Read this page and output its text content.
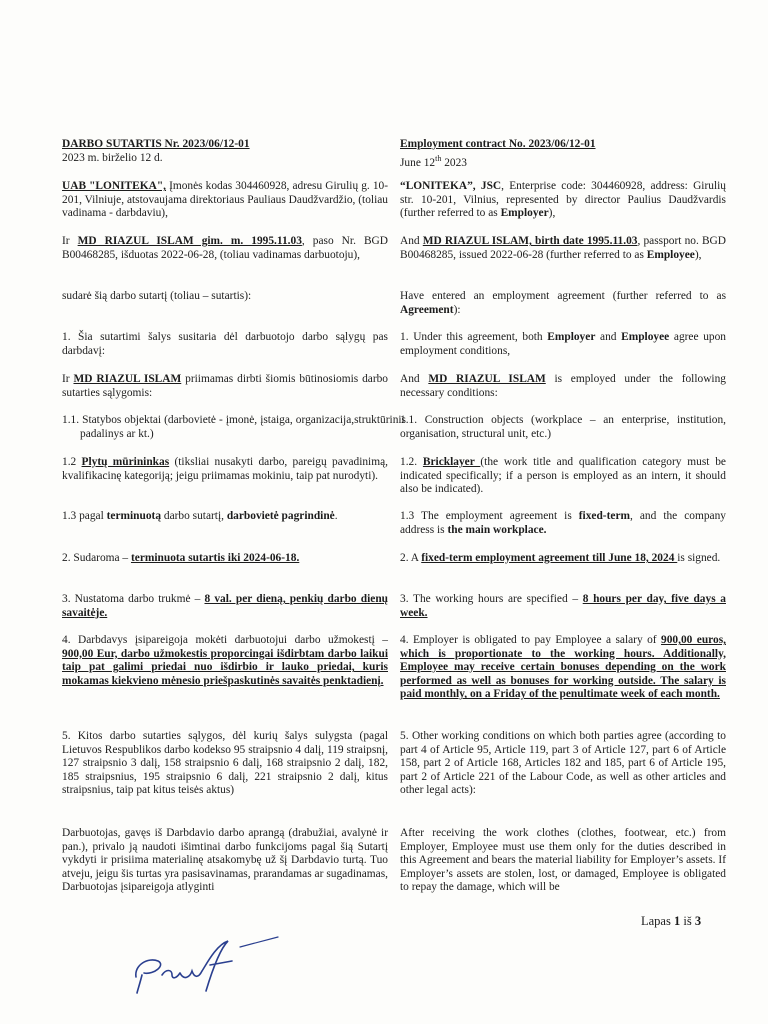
DARBO SUTARTIS Nr. 2023/06/12-01
2023 m. birželio 12 d.
UAB "LONITEKA", Įmonės kodas 304460928, adresu Girulių g. 10-201, Vilniuje, atstovaujama direktoriaus Pauliaus Daudžvardžio, (toliau vadinama - darbdaviu),
Ir MD RIAZUL ISLAM gim. m. 1995.11.03, paso Nr. BGD B00468285, išduotas 2022-06-28, (toliau vadinamas darbuotoju),
sudarė šią darbo sutartį (toliau – sutartis):
1. Šia sutartimi šalys susitaria dėl darbuotojo darbo sąlygų pas darbdavį:
Ir MD RIAZUL ISLAM priimamas dirbti šiomis būtinosiomis darbo sutarties sąlygomis:
1.1. Statybos objektai (darbovietė - įmonė, įstaiga, organizacija,struktūrinis padalinys ar kt.)
1.2 Plytų mūrininkas (tiksliai nusakyti darbo, pareigų pavadinimą, kvalifikacinę kategoriją; jeigu priimamas mokiniu, taip pat nurodyti).
1.3 pagal terminuotą darbo sutartį, darbovietė pagrindinė.
2. Sudaroma – terminuota sutartis iki 2024-06-18.
3. Nustatoma darbo trukmė – 8 val. per dieną, penkių darbo dienų savaitėje.
4. Darbdavys įsipareigoja mokėti darbuotojui darbo užmokestį – 900,00 Eur, darbo užmokestis proporcingai išdirbtam darbo laikui taip pat galimi priedai nuo išdirbio ir lauko priedai, kuris mokamas kiekvieno mėnesio priešpaskutinės savaitės penktadienį.
5. Kitos darbo sutarties sąlygos, dėl kurių šalys sulygsta (pagal Lietuvos Respublikos darbo kodekso 95 straipsnio 4 dalį, 119 straipsnį, 127 straipsnio 3 dalį, 158 straipsnio 6 dalį, 168 straipsnio 2 dalį, 182, 185 straipsnius, 195 straipsnio 6 dalį, 221 straipsnio 2 dalį, kitus straipsnius, taip pat kitus teisės aktus)
Darbuotojas, gavęs iš Darbdavio darbo aprangą (drabužiai, avalynė ir pan.), privalo ją naudoti išimtinai darbo funkcijoms pagal šią Sutartį vykdyti ir prisiima materialinę atsakomybę už šį Darbdavio turtą. Tuo atveju, jeigu šis turtas yra pasisavinamas, prarandamas ar sugadinamas, Darbuotojas įsipareigoja atlyginti
Employment contract No. 2023/06/12-01
June 12th 2023
“LONITEKA”, JSC, Enterprise code: 304460928, address: Girulių str. 10-201, Vilnius, represented by director Paulius Daudžvardis (further referred to as Employer),
And MD RIAZUL ISLAM, birth date 1995.11.03, passport no. BGD B00468285, issued 2022-06-28 (further referred to as Employee),
Have entered an employment agreement (further referred to as Agreement):
1. Under this agreement, both Employer and Employee agree upon employment conditions,
And MD RIAZUL ISLAM is employed under the following necessary conditions:
1.1. Construction objects (workplace – an enterprise, institution, organisation, structural unit, etc.)
1.2. Bricklayer (the work title and qualification category must be indicated specifically; if a person is employed as an intern, it should also be indicated).
1.3 The employment agreement is fixed-term, and the company address is the main workplace.
2. A fixed-term employment agreement till June 18, 2024 is signed.
3. The working hours are specified – 8 hours per day, five days a week.
4. Employer is obligated to pay Employee a salary of 900,00 euros, which is proportionate to the working hours. Additionally, Employee may receive certain bonuses depending on the work performed as well as bonuses for working outside. The salary is paid monthly, on a Friday of the penultimate week of each month.
5. Other working conditions on which both parties agree (according to part 4 of Article 95, Article 119, part 3 of Article 127, part 6 of Article 158, part 2 of Article 168, Articles 182 and 185, part 6 of Article 195, part 2 of Article 221 of the Labour Code, as well as other articles and other legal acts):
After receiving the work clothes (clothes, footwear, etc.) from Employer, Employee must use them only for the duties described in this Agreement and bears the material liability for Employer’s assets. If Employer’s assets are stolen, lost, or damaged, Employee is obligated to repay the damage, which will be
Lapas 1 iš 3
